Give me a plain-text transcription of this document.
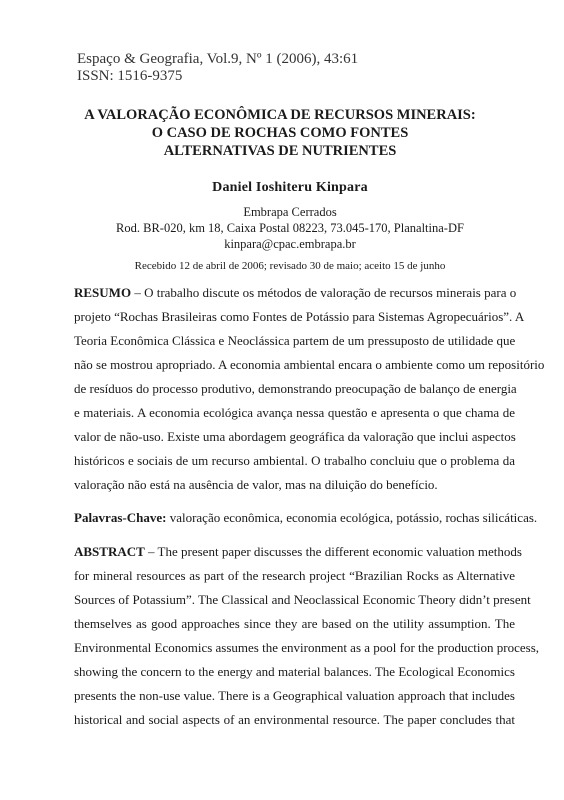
Espaço & Geografia, Vol.9, Nº 1 (2006), 43:61
ISSN: 1516-9375
A VALORAÇÃO ECONÔMICA DE RECURSOS MINERAIS:
O CASO DE ROCHAS COMO FONTES
ALTERNATIVAS DE NUTRIENTES
Daniel Ioshiteru Kinpara
Embrapa Cerrados
Rod. BR-020, km 18, Caixa Postal 08223, 73.045-170, Planaltina-DF
kinpara@cpac.embrapa.br
Recebido 12 de abril de 2006; revisado 30 de maio; aceito 15 de junho
RESUMO – O trabalho discute os métodos de valoração de recursos minerais para o
projeto “Rochas Brasileiras como Fontes de Potássio para Sistemas Agropecuários”. A
Teoria Econômica Clássica e Neoclássica partem de um pressuposto de utilidade que
não se mostrou apropriado. A economia ambiental encara o ambiente como um repositório
de resíduos do processo produtivo, demonstrando preocupação de balanço de energia
e materiais. A economia ecológica avança nessa questão e apresenta o que chama de
valor de não-uso. Existe uma abordagem geográfica da valoração que inclui aspectos
históricos e sociais de um recurso ambiental. O trabalho concluiu que o problema da
valoração não está na ausência de valor, mas na diluição do benefício.
Palavras-Chave: valoração econômica, economia ecológica, potássio, rochas silicáticas.
ABSTRACT – The present paper discusses the different economic valuation methods
for mineral resources as part of the research project “Brazilian Rocks as Alternative
Sources of Potassium”. The Classical and Neoclassical Economic Theory didn’t present
themselves as good approaches since they are based on the utility assumption. The
Environmental Economics assumes the environment as a pool for the production process,
showing the concern to the energy and material balances. The Ecological Economics
presents the non-use value. There is a Geographical valuation approach that includes
historical and social aspects of an environmental resource. The paper concludes that
